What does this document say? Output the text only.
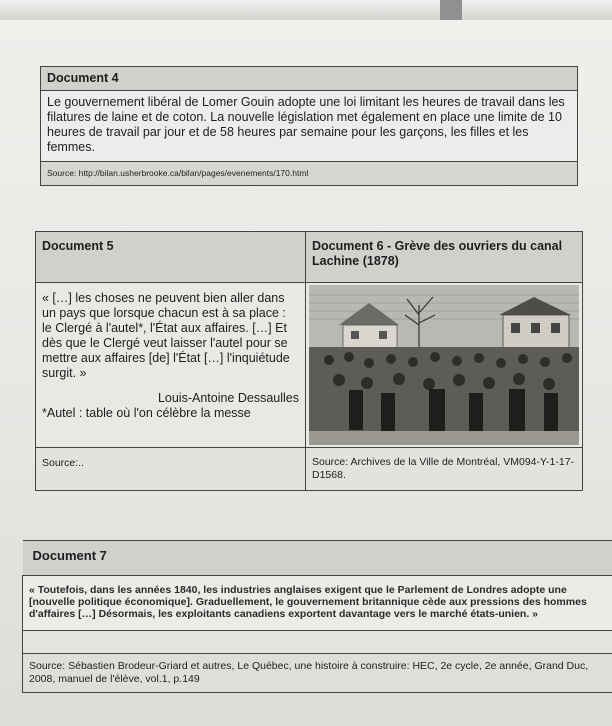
Document 4
Le gouvernement libéral de Lomer Gouin adopte une loi limitant les heures de travail dans les filatures de laine et de coton. La nouvelle législation met également en place une limite de 10 heures de travail par jour et de 58 heures par semaine pour les garçons, les filles et les femmes.
Source: http://bilan.usherbrooke.ca/bilan/pages/evenements/170.html
Document 5	Document 6 - Grève des ouvriers du canal Lachine (1878)
« […] les choses ne peuvent bien aller dans un pays que lorsque chacun est à sa place : le Clergé à l'autel*, l'État aux affaires. […] Et dès que le Clergé veut laisser l'autel pour se mettre aux affaires [de] l'État […] l'inquiétude surgit. »
Louis-Antoine Dessaulles
*Autel : table où l'on célèbre la messe

Source:..	Source: Archives de la Ville de Montréal, VM094-Y-1-17-D1568.
Document 7
« Toutefois, dans les années 1840, les industries anglaises exigent que le Parlement de Londres adopte une [nouvelle politique économique]. Graduellement, le gouvernement britannique cède aux pressions des hommes d'affaires […] Désormais, les exploitants canadiens exportent davantage vers le marché états-unien. »

Source: Sébastien Brodeur-Griard et autres, Le Québec, une histoire à construire: HEC, 2e cycle, 2e année, Grand Duc, 2008, manuel de l'élève, vol.1, p.149
